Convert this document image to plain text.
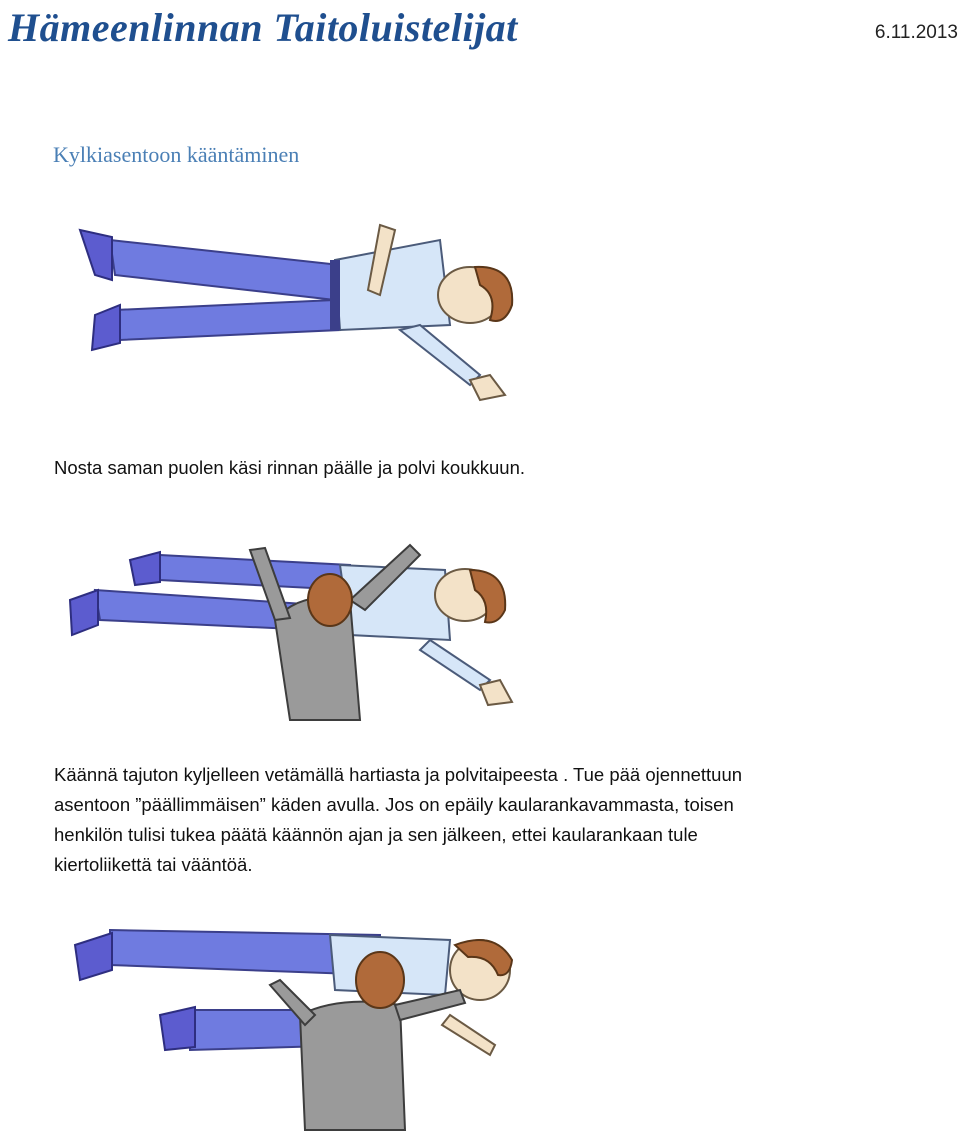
Hämeenlinnan Taitoluistelijat	6.11.2013
Kylkiasentoon kääntäminen
Nosta saman puolen käsi rinnan päälle ja polvi koukkuun.
Käännä tajuton kyljelleen vetämällä hartiasta ja polvitaipeesta . Tue pää ojennettuun
asentoon ”päällimmäisen” käden avulla. Jos on epäily kaularankavammasta, toisen
henkilön tulisi tukea päätä käännön ajan ja sen jälkeen, ettei kaularankaan tule
kiertoliikettä tai vääntöä.
